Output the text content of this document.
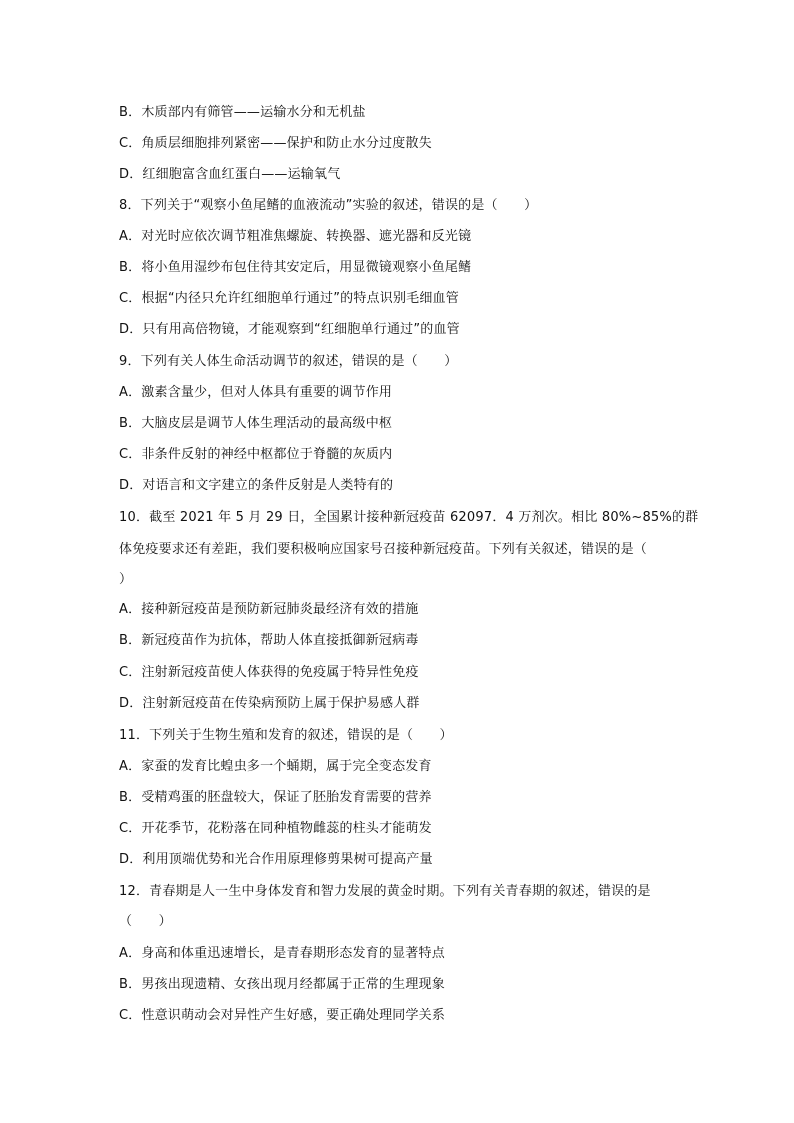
B．木质部内有筛管——运输水分和无机盐
C．角质层细胞排列紧密——保护和防止水分过度散失
D．红细胞富含血红蛋白——运输氧气
8．下列关于“观察小鱼尾鳍的血液流动”实验的叙述，错误的是（　　）
A．对光时应依次调节粗准焦螺旋、转换器、遮光器和反光镜
B．将小鱼用湿纱布包住待其安定后，用显微镜观察小鱼尾鳍
C．根据“内径只允许红细胞单行通过”的特点识别毛细血管
D．只有用高倍物镜，才能观察到“红细胞单行通过”的血管
9．下列有关人体生命活动调节的叙述，错误的是（　　）
A．激素含量少，但对人体具有重要的调节作用
B．大脑皮层是调节人体生理活动的最高级中枢
C．非条件反射的神经中枢都位于脊髓的灰质内
D．对语言和文字建立的条件反射是人类特有的
10．截至 2021 年 5 月 29 日，全国累计接种新冠疫苗 62097．4 万剂次。相比 80%~85%的群
体免疫要求还有差距，我们要积极响应国家号召接种新冠疫苗。下列有关叙述，错误的是（
）
A．接种新冠疫苗是预防新冠肺炎最经济有效的措施
B．新冠疫苗作为抗体，帮助人体直接抵御新冠病毒
C．注射新冠疫苗使人体获得的免疫属于特异性免疫
D．注射新冠疫苗在传染病预防上属于保护易感人群
11．下列关于生物生殖和发育的叙述，错误的是（　　）
A．家蚕的发育比蝗虫多一个蛹期，属于完全变态发育
B．受精鸡蛋的胚盘较大，保证了胚胎发育需要的营养
C．开花季节，花粉落在同种植物雌蕊的柱头才能萌发
D．利用顶端优势和光合作用原理修剪果树可提高产量
12．青春期是人一生中身体发育和智力发展的黄金时期。下列有关青春期的叙述，错误的是
（　　）
A．身高和体重迅速增长，是青春期形态发育的显著特点
B．男孩出现遗精、女孩出现月经都属于正常的生理现象
C．性意识萌动会对异性产生好感，要正确处理同学关系
